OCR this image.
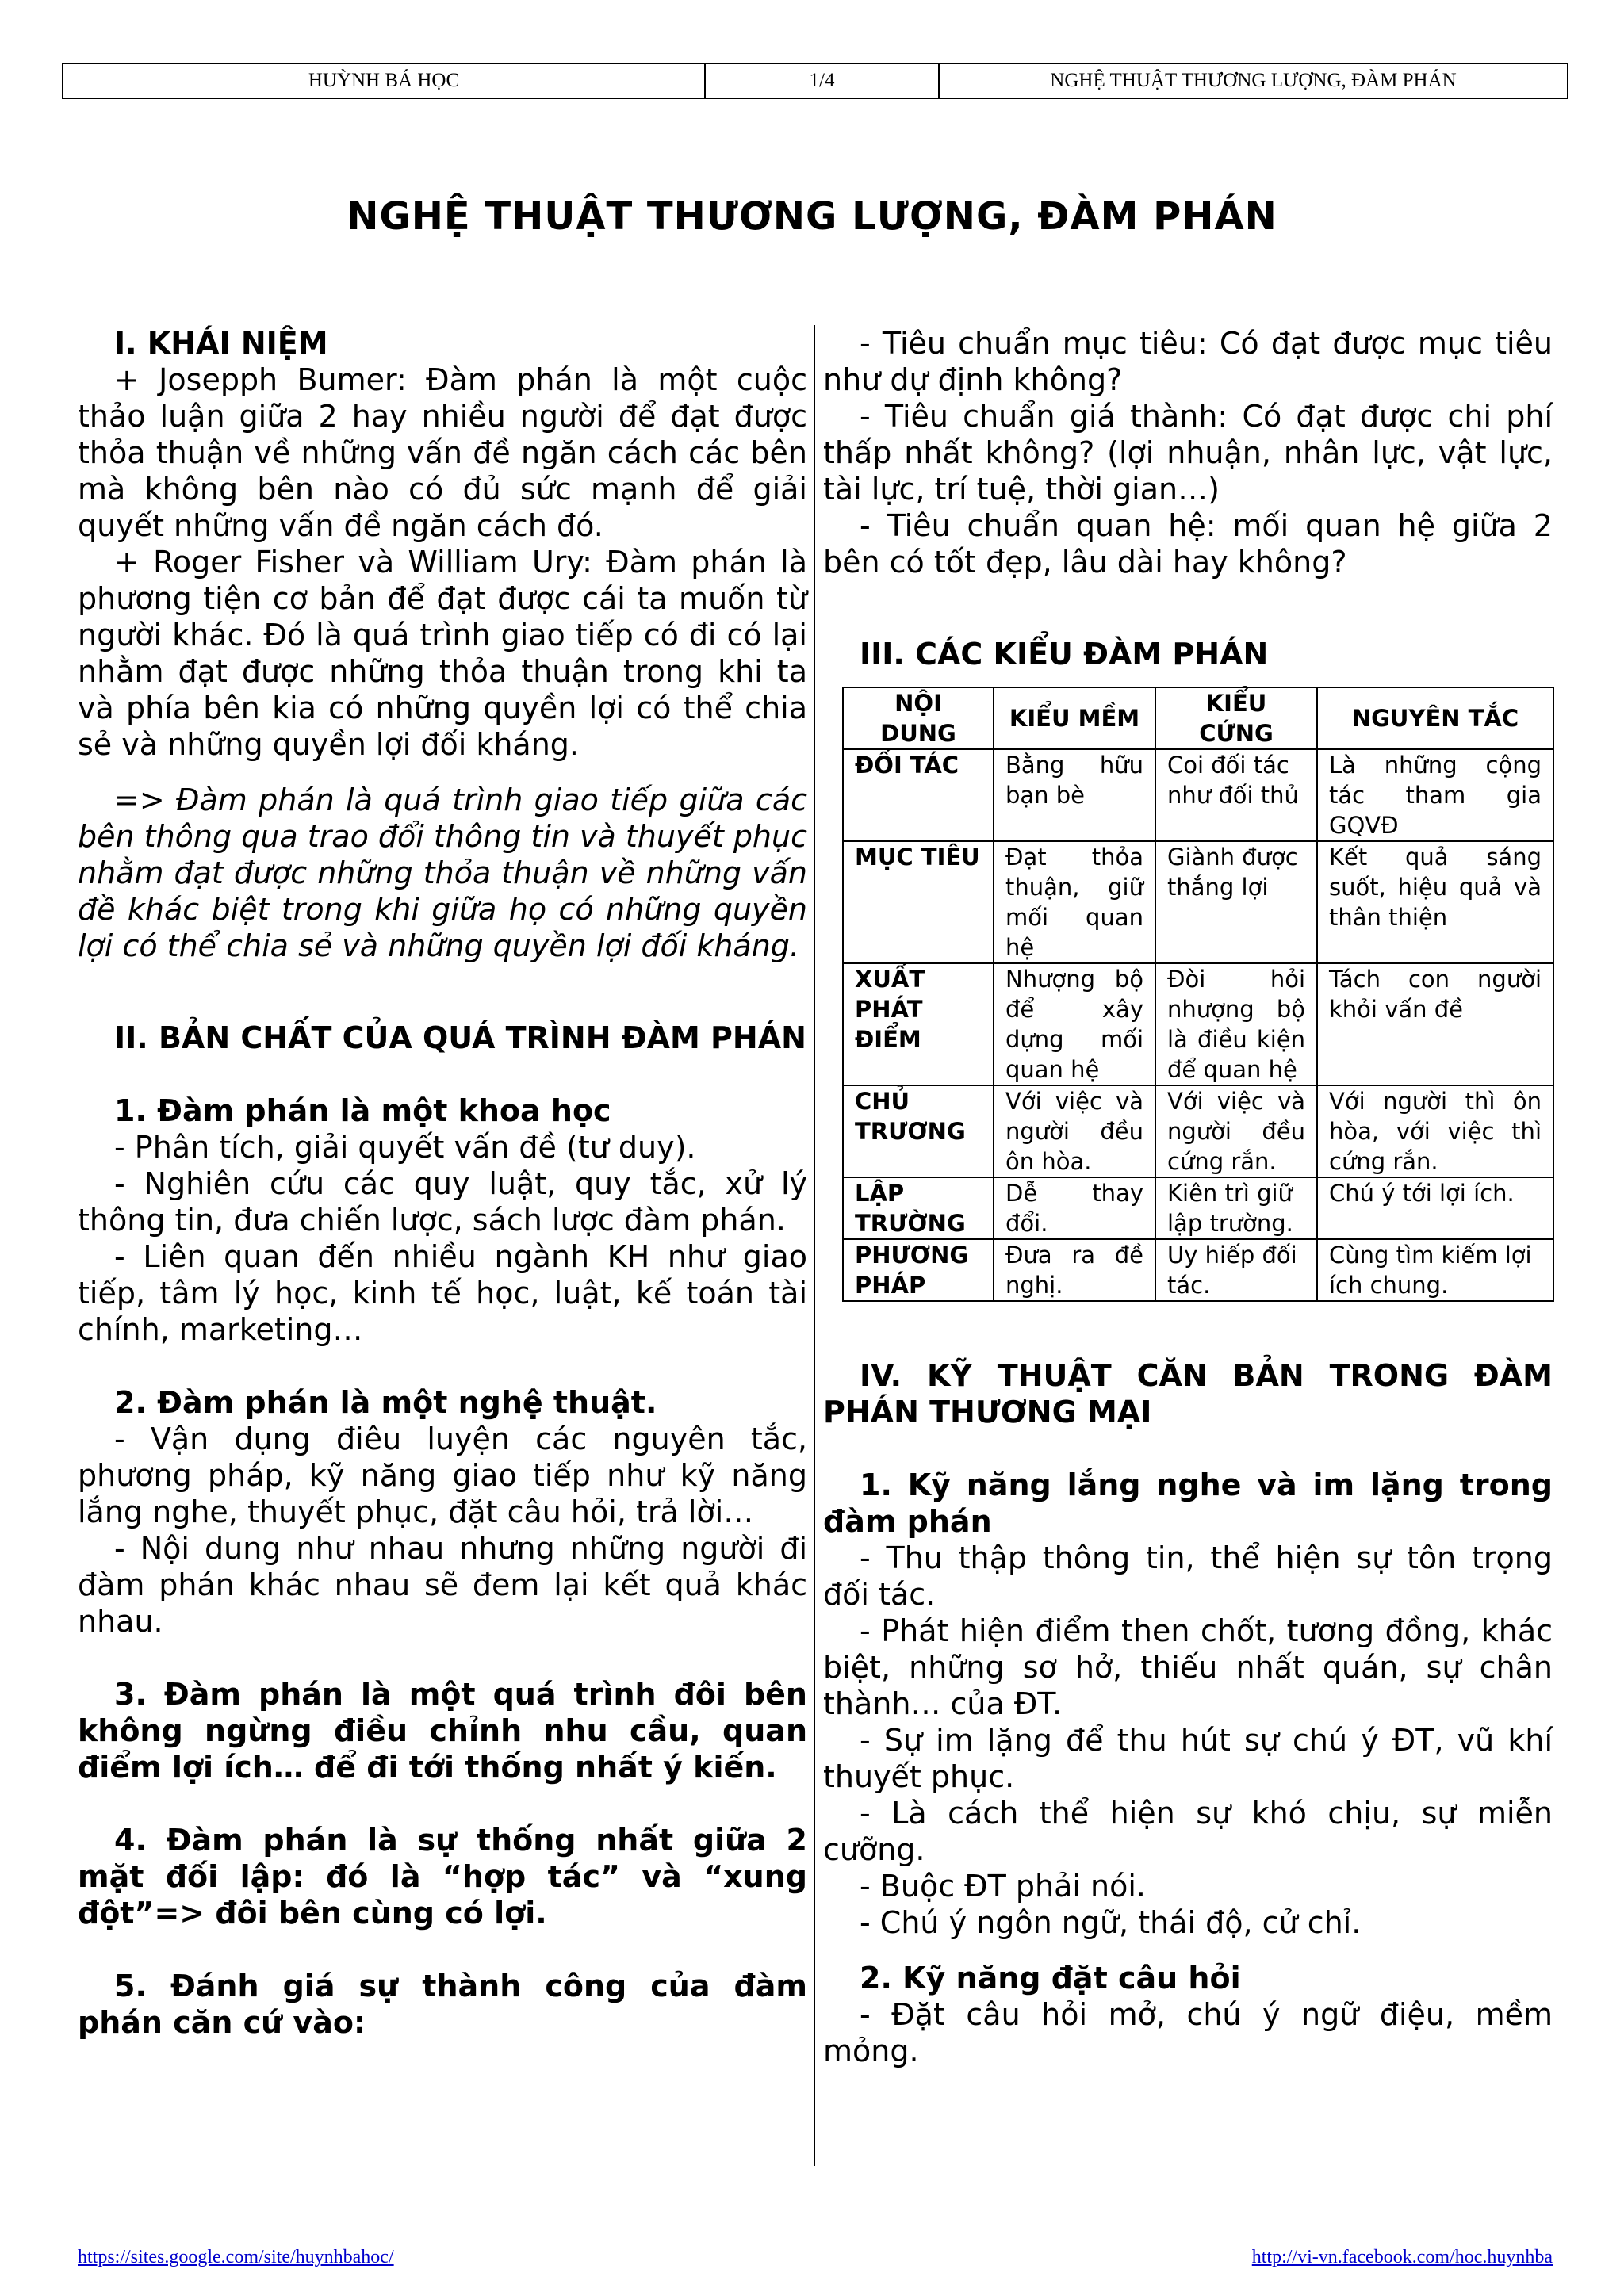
HUỲNH BÁ HỌC	1/4	NGHỆ THUẬT THƯƠNG LƯỢNG, ĐÀM PHÁN
NGHỆ THUẬT THƯƠNG LƯỢNG, ĐÀM PHÁN

I. KHÁI NIỆM

+ Josepph Bumer: Đàm phán là một cuộc thảo luận giữa 2 hay nhiều người để đạt được thỏa thuận về những vấn đề ngăn cách các bên mà không bên nào có đủ sức mạnh để giải quyết những vấn đề ngăn cách đó.

+ Roger Fisher và William Ury: Đàm phán là phương tiện cơ bản để đạt được cái ta muốn từ người khác. Đó là quá trình giao tiếp có đi có lại nhằm đạt được những thỏa thuận trong khi ta và phía bên kia có những quyền lợi có thể chia sẻ và những quyền lợi đối kháng.

=> Đàm phán là quá trình giao tiếp giữa các bên thông qua trao đổi thông tin và thuyết phục nhằm đạt được những thỏa thuận về những vấn đề khác biệt trong khi giữa họ có những quyền lợi có thể chia sẻ và những quyền lợi đối kháng.

II. BẢN CHẤT CỦA QUÁ TRÌNH ĐÀM PHÁN

1. Đàm phán là một khoa học

- Phân tích, giải quyết vấn đề (tư duy).

- Nghiên cứu các quy luật, quy tắc, xử lý thông tin, đưa chiến lược, sách lược đàm phán.

- Liên quan đến nhiều ngành KH như giao tiếp, tâm lý học, kinh tế học, luật, kế toán tài chính, marketing…

2. Đàm phán là một nghệ thuật.

- Vận dụng điêu luyện các nguyên tắc, phương pháp, kỹ năng giao tiếp như kỹ năng lắng nghe, thuyết phục, đặt câu hỏi, trả lời…

- Nội dung như nhau nhưng những người đi đàm phán khác nhau sẽ đem lại kết quả khác nhau.

3. Đàm phán là một quá trình đôi bên không ngừng điều chỉnh nhu cầu, quan điểm lợi ích… để đi tới thống nhất ý kiến.

4. Đàm phán là sự thống nhất giữa 2 mặt đối lập: đó là “hợp tác” và “xung đột”=> đôi bên cùng có lợi.

5. Đánh giá sự thành công của đàm phán căn cứ vào:

- Tiêu chuẩn mục tiêu: Có đạt được mục tiêu như dự định không?

- Tiêu chuẩn giá thành: Có đạt được chi phí thấp nhất không? (lợi nhuận, nhân lực, vật lực, tài lực, trí tuệ, thời gian…)

- Tiêu chuẩn quan hệ: mối quan hệ giữa 2 bên có tốt đẹp, lâu dài hay không?

III. CÁC KIỂU ĐÀM PHÁN

NỘI DUNG	KIỂU MỀM	KIỂU CỨNG	NGUYÊN TẮC
ĐỐI TÁC	Bằng hữu bạn bè	Coi đối tác như đối thủ	Là những cộng tác tham gia GQVĐ
MỤC TIÊU	Đạt thỏa thuận, giữ mối quan hệ	Giành được thắng lợi	Kết quả sáng suốt, hiệu quả và thân thiện
XUẤT PHÁT ĐIỂM	Nhượng bộ để xây dựng mối quan hệ	Đòi hỏi nhượng bộ là điều kiện để quan hệ	Tách con người khỏi vấn đề
CHỦ TRƯƠNG	Với việc và người đều ôn hòa.	Với việc và người đều cứng rắn.	Với người thì ôn hòa, với việc thì cứng rắn.
LẬP TRƯỜNG	Dễ thay đổi.	Kiên trì giữ lập trường.	Chú ý tới lợi ích.
PHƯƠNG PHÁP	Đưa ra đề nghị.	Uy hiếp đối tác.	Cùng tìm kiếm lợi ích chung.

IV. KỸ THUẬT CĂN BẢN TRONG ĐÀM PHÁN THƯƠNG MẠI

1. Kỹ năng lắng nghe và im lặng trong đàm phán

- Thu thập thông tin, thể hiện sự tôn trọng đối tác.

- Phát hiện điểm then chốt, tương đồng, khác biệt, những sơ hở, thiếu nhất quán, sự chân thành… của ĐT.

- Sự im lặng để thu hút sự chú ý ĐT, vũ khí thuyết phục.

- Là cách thể hiện sự khó chịu, sự miễn cưỡng.

- Buộc ĐT phải nói.

- Chú ý ngôn ngữ, thái độ, cử chỉ.

2. Kỹ năng đặt câu hỏi

- Đặt câu hỏi mở, chú ý ngữ điệu, mềm mỏng.

https://sites.google.com/site/huynhbahoc/	http://vi-vn.facebook.com/hoc.huynhba
